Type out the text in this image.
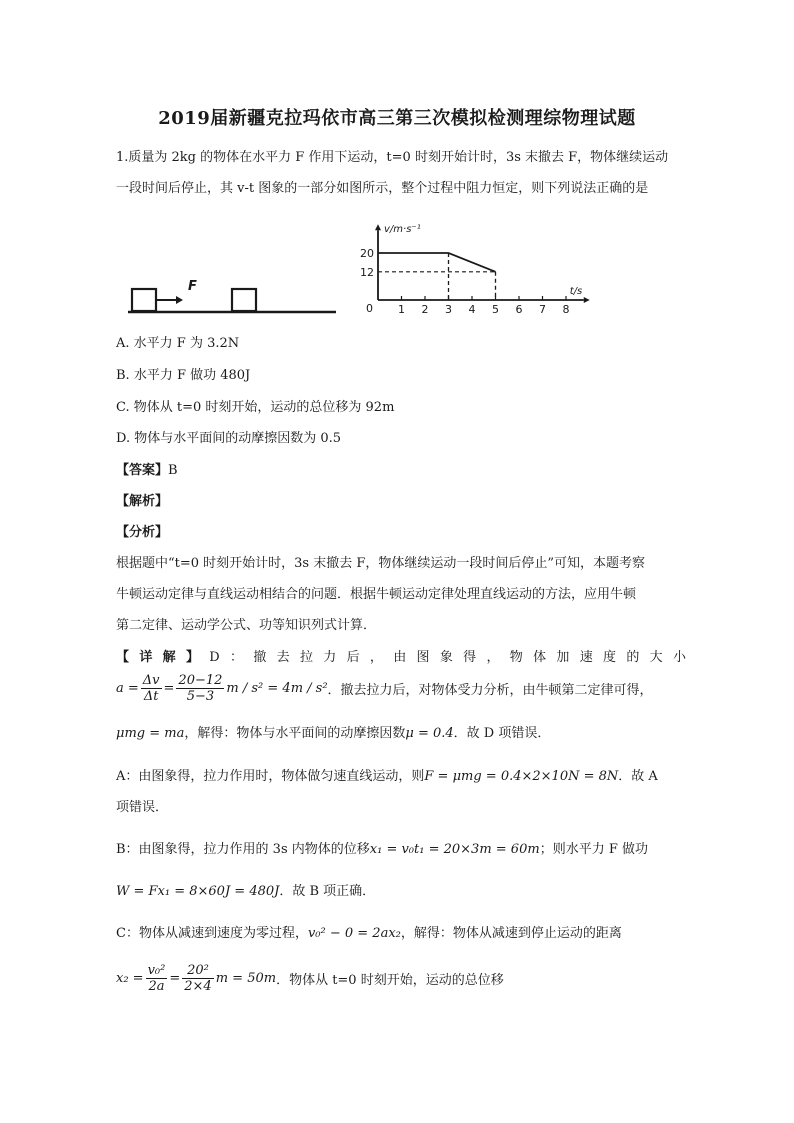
2019届新疆克拉玛依市高三第三次模拟检测理综物理试题
1.质量为 2kg 的物体在水平力 F 作用下运动，t=0 时刻开始计时，3s 末撤去 F，物体继续运动
一段时间后停止，其 v-t 图象的一部分如图所示，整个过程中阻力恒定，则下列说法正确的是
F
v/m·s⁻¹
t/s
0 1 2 3 4 5 6 7 8
12
20
A. 水平力 F 为 3.2N
B. 水平力 F 做功 480J
C. 物体从 t=0 时刻开始，运动的总位移为 92m
D. 物体与水平面间的动摩擦因数为 0.5
【答案】B
【解析】
【分析】
根据题中“t=0 时刻开始计时，3s 末撤去 F，物体继续运动一段时间后停止”可知，本题考察
牛顿运动定律与直线运动相结合的问题．根据牛顿运动定律处理直线运动的方法，应用牛顿
第二定律、运动学公式、功等知识列式计算．
【详解】D：撤去拉力后，由图象得，物体加速度的大小
$a = \frac{\Delta v}{\Delta t} = \frac{20-12}{5-3}$ m / s² = 4m / s² ．撤去拉力后，对物体受力分析，由牛顿第二定律可得，
μmg = ma，解得：物体与水平面间的动摩擦因数μ = 0.4．故 D 项错误．
A：由图象得，拉力作用时，物体做匀速直线运动，则F = μmg = 0.4×2×10N = 8N．故 A
项错误．
B：由图象得，拉力作用的 3s 内物体的位移x₁ = v₀t₁ = 20×3m = 60m；则水平力 F 做功
W = Fx₁ = 8×60J = 480J．故 B 项正确．
C：物体从减速到速度为零过程，v₀² − 0 = 2ax₂，解得：物体从减速到停止运动的距离
$x_2 = \frac{\text{v₀²}}{2a} = \frac{\text{20²}}{2\times 4}$ m = 50m ．物体从 t=0 时刻开始，运动的总位移
